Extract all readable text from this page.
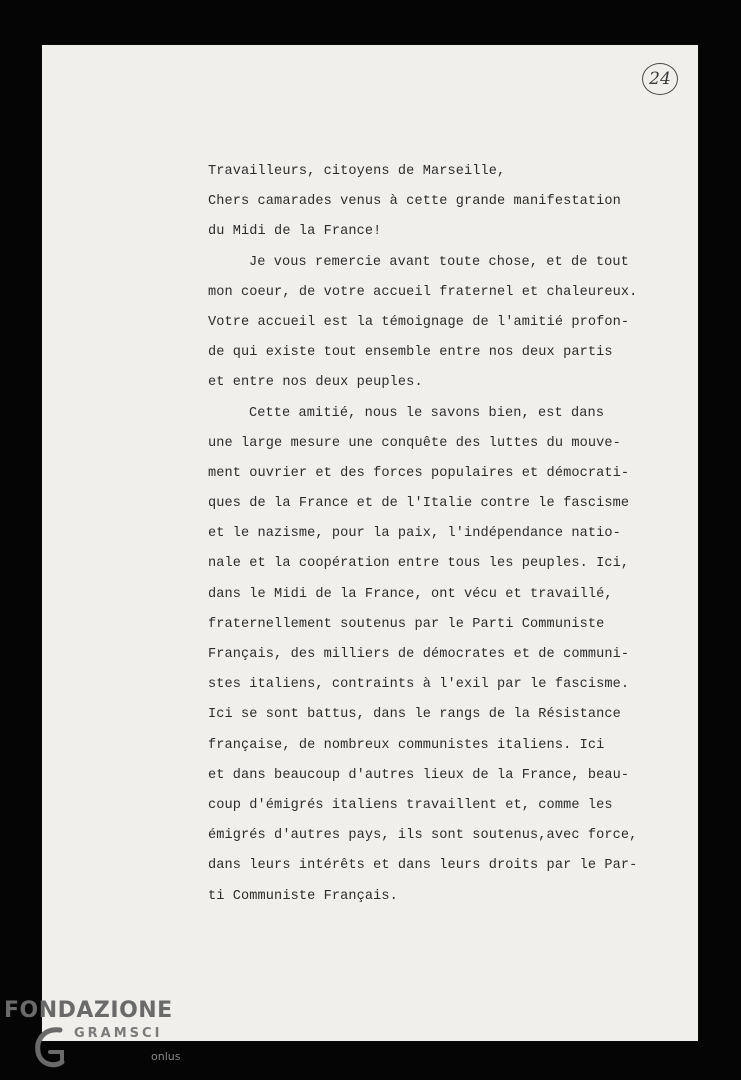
24
Travailleurs, citoyens de Marseille,
Chers camarades venus à cette grande manifestation
du Midi de la France!
Je vous remercie avant toute chose, et de tout
mon coeur, de votre accueil fraternel et chaleureux.
Votre accueil est la témoignage de l'amitié profon-
de qui existe tout ensemble entre nos deux partis
et entre nos deux peuples.
Cette amitié, nous le savons bien, est dans
une large mesure une conquête des luttes du mouve-
ment ouvrier et des forces populaires et démocrati-
ques de la France et de l'Italie contre le fascisme
et le nazisme, pour la paix, l'indépendance natio-
nale et la coopération entre tous les peuples. Ici,
dans le Midi de la France, ont vécu et travaillé,
fraternellement soutenus par le Parti Communiste
Français, des milliers de démocrates et de communi-
stes italiens, contraints à l'exil par le fascisme.
Ici se sont battus, dans le rangs de la Résistance
française, de nombreux communistes italiens. Ici
et dans beaucoup d'autres lieux de la France, beau-
coup d'émigrés italiens travaillent et, comme les
émigrés d'autres pays, ils sont soutenus,avec force,
dans leurs intérêts et dans leurs droits par le Par-
ti Communiste Français.
FONDAZIONE
GRAMSCI
onlus
